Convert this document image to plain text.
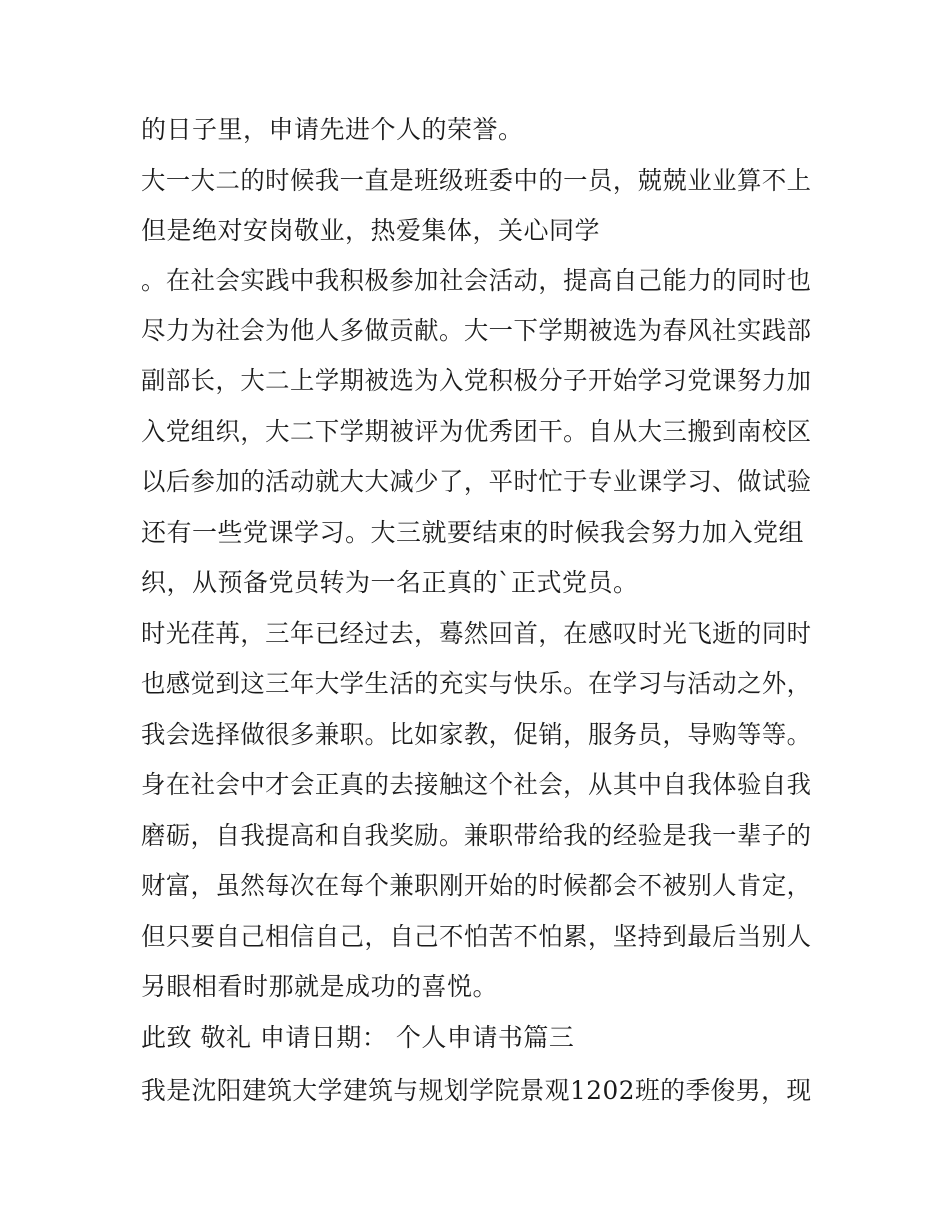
的日子里，申请先进个人的荣誉。
大一大二的时候我一直是班级班委中的一员，兢兢业业算不上
但是绝对安岗敬业，热爱集体，关心同学
。在社会实践中我积极参加社会活动，提高自己能力的同时也
尽力为社会为他人多做贡献。大一下学期被选为春风社实践部
副部长，大二上学期被选为入党积极分子开始学习党课努力加
入党组织，大二下学期被评为优秀团干。自从大三搬到南校区
以后参加的活动就大大减少了，平时忙于专业课学习、做试验
还有一些党课学习。大三就要结束的时候我会努力加入党组
织，从预备党员转为一名正真的`正式党员。
时光荏苒，三年已经过去，蓦然回首，在感叹时光飞逝的同时
也感觉到这三年大学生活的充实与快乐。在学习与活动之外，
我会选择做很多兼职。比如家教，促销，服务员，导购等等。
身在社会中才会正真的去接触这个社会，从其中自我体验自我
磨砺，自我提高和自我奖励。兼职带给我的经验是我一辈子的
财富，虽然每次在每个兼职刚开始的时候都会不被别人肯定，
但只要自己相信自己，自己不怕苦不怕累，坚持到最后当别人
另眼相看时那就是成功的喜悦。
此致 敬礼 申请日期： 个人申请书篇三
我是沈阳建筑大学建筑与规划学院景观1202班的季俊男，现
